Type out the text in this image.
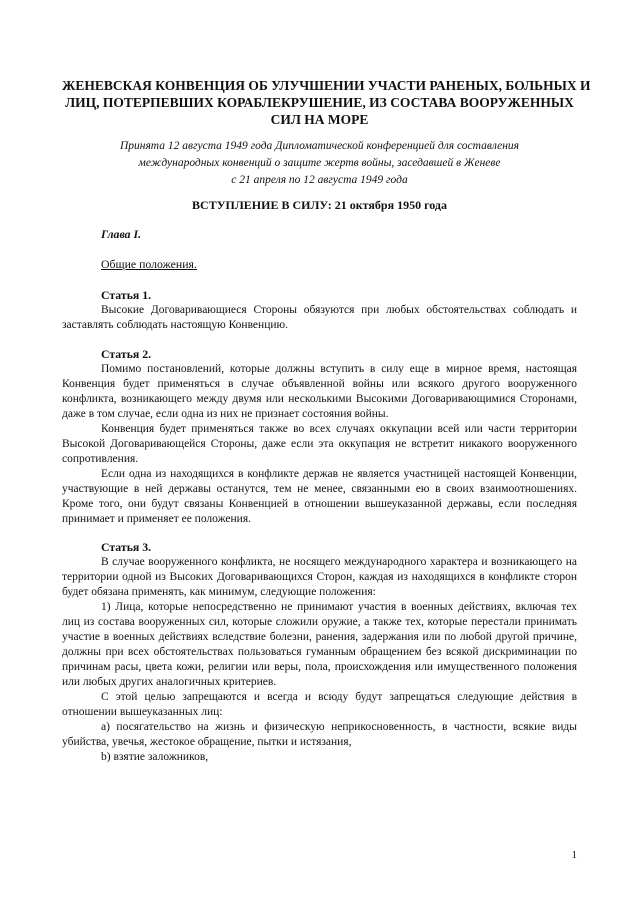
ЖЕНЕВСКАЯ КОНВЕНЦИЯ ОБ УЛУЧШЕНИИ УЧАСТИ РАНЕНЫХ, БОЛЬНЫХ И
ЛИЦ, ПОТЕРПЕВШИХ КОРАБЛЕКРУШЕНИЕ, ИЗ СОСТАВА ВООРУЖЕННЫХ
СИЛ НА МОРЕ
Принята 12 августа 1949 года Дипломатической конференцией для составления
международных конвенций о защите жертв войны, заседавшей в Женеве
с 21 апреля по 12 августа 1949 года
ВСТУПЛЕНИЕ В СИЛУ: 21 октября 1950 года
Глава I.
Общие положения.
Статья 1.

Высокие Договаривающиеся Стороны обязуются при любых обстоятельствах соблюдать и заставлять соблюдать настоящую Конвенцию.

Статья 2.

Помимо постановлений, которые должны вступить в силу еще в мирное время, настоящая Конвенция будет применяться в случае объявленной войны или всякого другого вооруженного конфликта, возникающего между двумя или несколькими Высокими Договаривающимися Сторонами, даже в том случае, если одна из них не признает состояния войны.

Конвенция будет применяться также во всех случаях оккупации всей или части территории Высокой Договаривающейся Стороны, даже если эта оккупация не встретит никакого вооруженного сопротивления.

Если одна из находящихся в конфликте держав не является участницей настоящей Конвенции, участвующие в ней державы останутся, тем не менее, связанными ею в своих взаимоотношениях. Кроме того, они будут связаны Конвенцией в отношении вышеуказанной державы, если последняя принимает и применяет ее положения.

Статья 3.

В случае вооруженного конфликта, не носящего международного характера и возникающего на территории одной из Высоких Договаривающихся Сторон, каждая из находящихся в конфликте сторон будет обязана применять, как минимум, следующие положения:

1) Лица, которые непосредственно не принимают участия в военных действиях, включая тех лиц из состава вооруженных сил, которые сложили оружие, а также тех, которые перестали принимать участие в военных действиях вследствие болезни, ранения, задержания или по любой другой причине, должны при всех обстоятельствах пользоваться гуманным обращением без всякой дискриминации по причинам расы, цвета кожи, религии или веры, пола, происхождения или имущественного положения или любых других аналогичных критериев.

С этой целью запрещаются и всегда и всюду будут запрещаться следующие действия в отношении вышеуказанных лиц:

a) посягательство на жизнь и физическую неприкосновенность, в частности, всякие виды убийства, увечья, жестокое обращение, пытки и истязания,

b) взятие заложников,

1
